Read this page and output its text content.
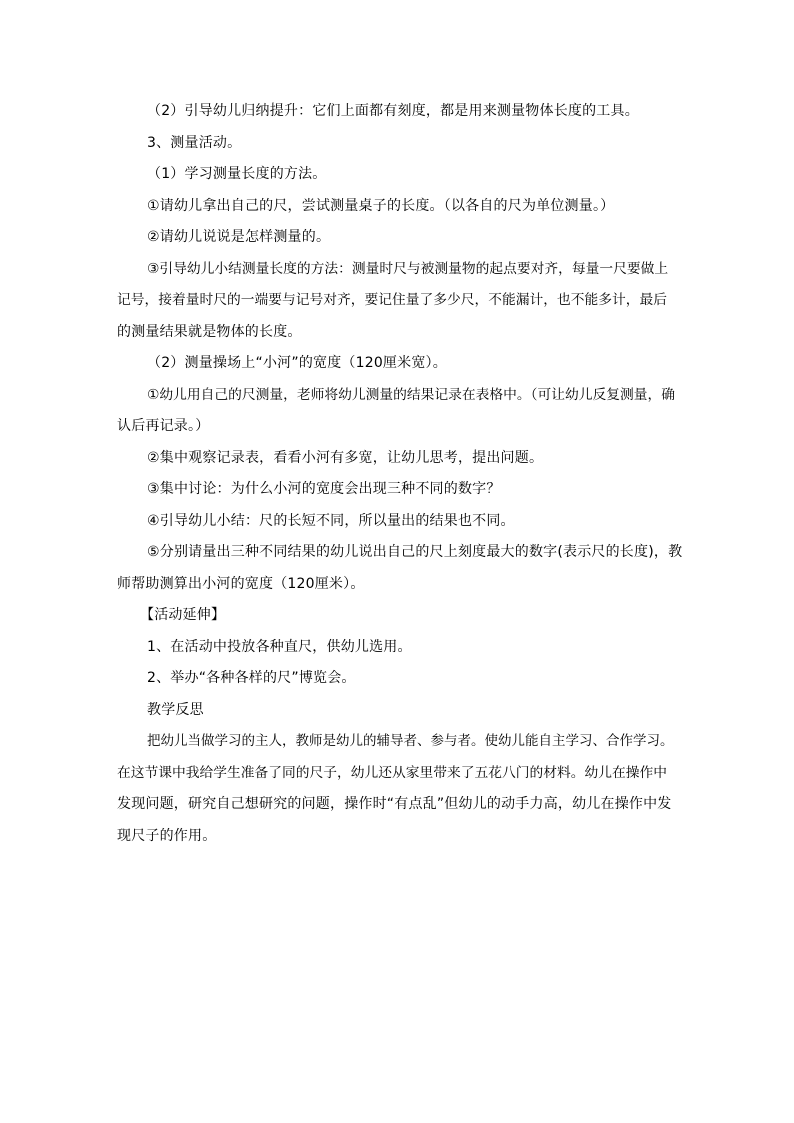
（2）引导幼儿归纳提升：它们上面都有刻度，都是用来测量物体长度的工具。

3、测量活动。

（1）学习测量长度的方法。

①请幼儿拿出自己的尺，尝试测量桌子的长度。（以各自的尺为单位测量。）

②请幼儿说说是怎样测量的。

③引导幼儿小结测量长度的方法：测量时尺与被测量物的起点要对齐，每量一尺要做上

记号，接着量时尺的一端要与记号对齐，要记住量了多少尺，不能漏计，也不能多计，最后

的测量结果就是物体的长度。

（2）测量操场上“小河”的宽度（120厘米宽）。

①幼儿用自己的尺测量，老师将幼儿测量的结果记录在表格中。（可让幼儿反复测量，确

认后再记录。）

②集中观察记录表，看看小河有多宽，让幼儿思考，提出问题。

③集中讨论：为什么小河的宽度会出现三种不同的数字？

④引导幼儿小结：尺的长短不同，所以量出的结果也不同。

⑤分别请量出三种不同结果的幼儿说出自己的尺上刻度最大的数字(表示尺的长度)，教

师帮助测算出小河的宽度（120厘米）。

【活动延伸】

1、在活动中投放各种直尺，供幼儿选用。

2、举办“各种各样的尺”博览会。

教学反思

把幼儿当做学习的主人，教师是幼儿的辅导者、参与者。使幼儿能自主学习、合作学习。

在这节课中我给学生准备了同的尺子，幼儿还从家里带来了五花八门的材料。幼儿在操作中

发现问题，研究自己想研究的问题，操作时“有点乱”但幼儿的动手力高，幼儿在操作中发

现尺子的作用。
